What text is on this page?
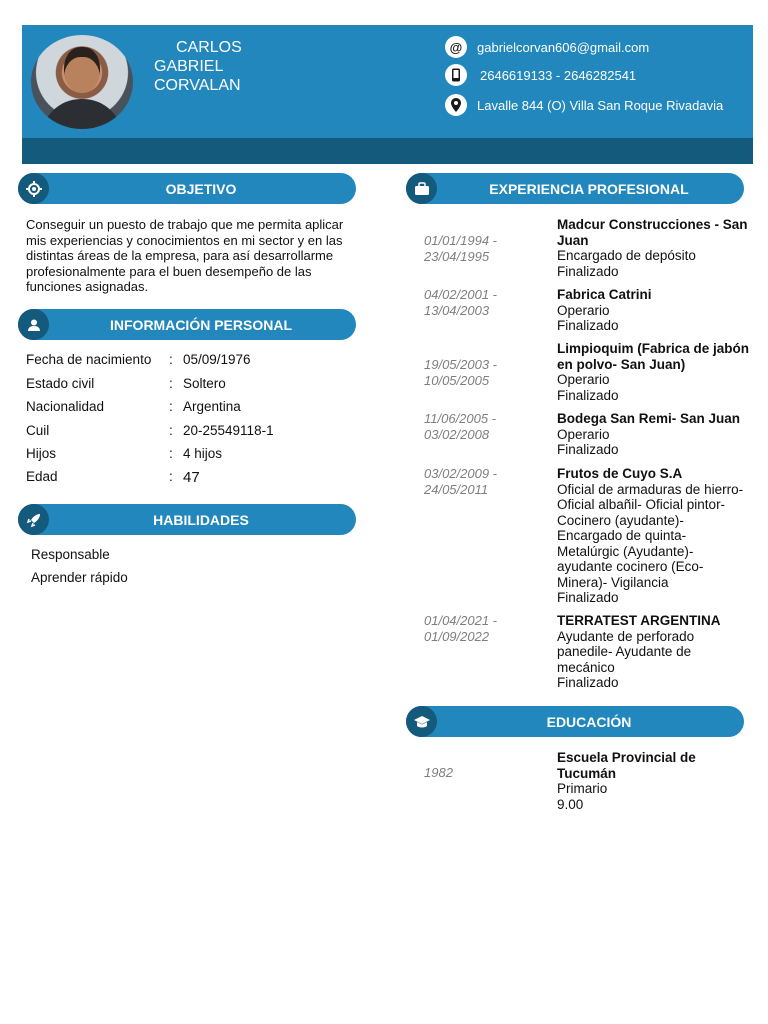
CARLOS
GABRIEL
CORVALAN
@ gabrielcorvan606@gmail.com
2646619133 - 2646282541
Lavalle 844 (O) Villa San Roque Rivadavia
OBJETIVO
Conseguir un puesto de trabajo que me permita aplicar mis experiencias y conocimientos en mi sector y en las distintas áreas de la empresa, para así desarrollarme profesionalmente para el buen desempeño de las funciones asignadas.
INFORMACIÓN PERSONAL
Fecha de nacimiento	: 05/09/1976
Estado civil	: Soltero
Nacionalidad	: Argentina
Cuil	: 20-25549118-1
Hijos	: 4 hijos
Edad	: 47
HABILIDADES
Responsable
Aprender rápido
EXPERIENCIA PROFESIONAL
01/01/1994 - 23/04/1995
Madcur Construcciones - San Juan
Encargado de depósito
Finalizado
04/02/2001 - 13/04/2003
Fabrica Catrini
Operario
Finalizado
19/05/2003 - 10/05/2005
Limpioquim (Fabrica de jabón en polvo- San Juan)
Operario
Finalizado
11/06/2005 - 03/02/2008
Bodega San Remi- San Juan
Operario
Finalizado
03/02/2009 - 24/05/2011
Frutos de Cuyo S.A
Oficial de armaduras de hierro- Oficial albañil- Oficial pintor- Cocinero (ayudante)- Encargado de quinta- Metalúrgic (Ayudante)- ayudante cocinero (Eco-Minera)- Vigilancia
Finalizado
01/04/2021 - 01/09/2022
TERRATEST ARGENTINA
Ayudante de perforado panedile- Ayudante de mecánico
Finalizado
EDUCACIÓN
1982
Escuela Provincial de Tucumán
Primario
9.00
